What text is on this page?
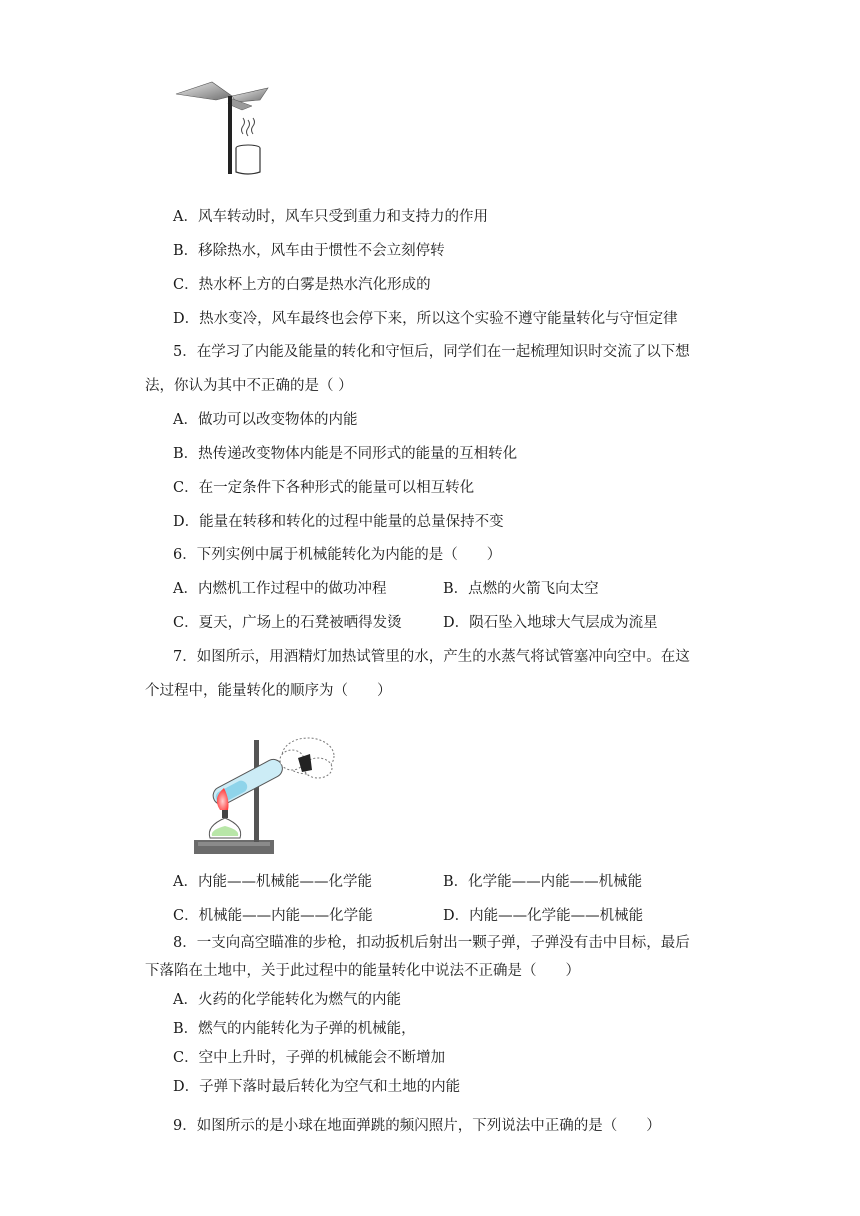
A．风车转动时，风车只受到重力和支持力的作用
B．移除热水，风车由于惯性不会立刻停转
C．热水杯上方的白雾是热水汽化形成的
D．热水变冷，风车最终也会停下来，所以这个实验不遵守能量转化与守恒定律
5．在学习了内能及能量的转化和守恒后，同学们在一起梳理知识时交流了以下想
法，你认为其中不正确的是（ ）
A．做功可以改变物体的内能
B．热传递改变物体内能是不同形式的能量的互相转化
C．在一定条件下各种形式的能量可以相互转化
D．能量在转移和转化的过程中能量的总量保持不变
6．下列实例中属于机械能转化为内能的是（　　）
A．内燃机工作过程中的做功冲程	B．点燃的火箭飞向太空
C．夏天，广场上的石凳被晒得发烫	D．陨石坠入地球大气层成为流星
7．如图所示，用酒精灯加热试管里的水，产生的水蒸气将试管塞冲向空中。在这
个过程中，能量转化的顺序为（　　）
A．内能——机械能——化学能	B．化学能——内能——机械能
C．机械能——内能——化学能	D．内能——化学能——机械能
8．一支向高空瞄准的步枪，扣动扳机后射出一颗子弹，子弹没有击中目标，最后
下落陷在土地中，关于此过程中的能量转化中说法不正确是（　　）
A．火药的化学能转化为燃气的内能
B．燃气的内能转化为子弹的机械能，
C．空中上升时，子弹的机械能会不断增加
D．子弹下落时最后转化为空气和土地的内能
9．如图所示的是小球在地面弹跳的频闪照片，下列说法中正确的是（　　）
